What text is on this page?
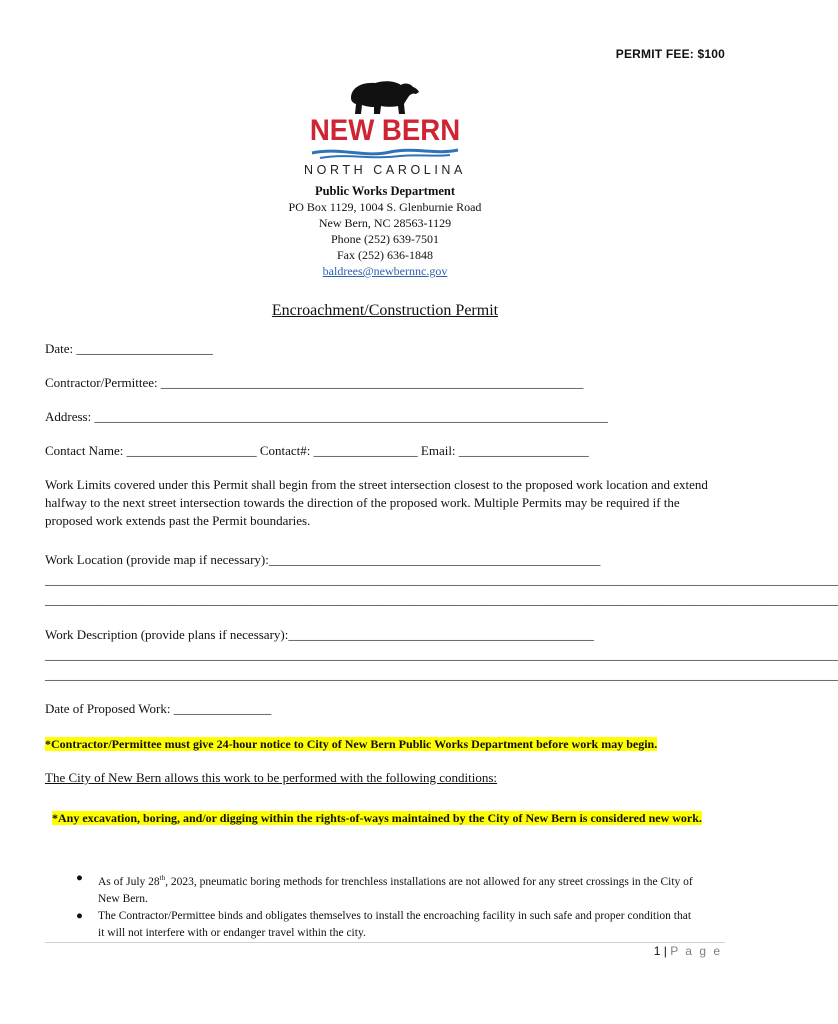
PERMIT FEE: $100
NEW BERN
NORTH CAROLINA
Public Works Department
PO Box 1129, 1004 S. Glenburnie Road
New Bern, NC 28563-1129
Phone (252) 639-7501
Fax (252) 636-1848
baldrees@newbernnc.gov
Encroachment/Construction Permit
Date: _____________________
Contractor/Permittee: _________________________________________________________________
Address: _______________________________________________________________________________
Contact Name: ____________________ Contact#: ________________ Email: ____________________
Work Limits covered under this Permit shall begin from the street intersection closest to the proposed work location and extend halfway to the next street intersection towards the direction of the proposed work. Multiple Permits may be required if the proposed work extends past the Permit boundaries.
Work Location (provide map if necessary):___________________________________________________
__________________________________________________________________________________________________________________________
__________________________________________________________________________________________________________________________
Work Description (provide plans if necessary):_______________________________________________
__________________________________________________________________________________________________________________________
__________________________________________________________________________________________________________________________
Date of Proposed Work: _______________
*Contractor/Permittee must give 24-hour notice to City of New Bern Public Works Department before work may begin.
The City of New Bern allows this work to be performed with the following conditions:
*Any excavation, boring, and/or digging within the rights-of-ways maintained by the City of New Bern is considered new work.
● As of July 28th, 2023, pneumatic boring methods for trenchless installations are not allowed for any street crossings in the City of New Bern.
● The Contractor/Permittee binds and obligates themselves to install the encroaching facility in such safe and proper condition that it will not interfere with or endanger travel within the city.
1 | P a g e
